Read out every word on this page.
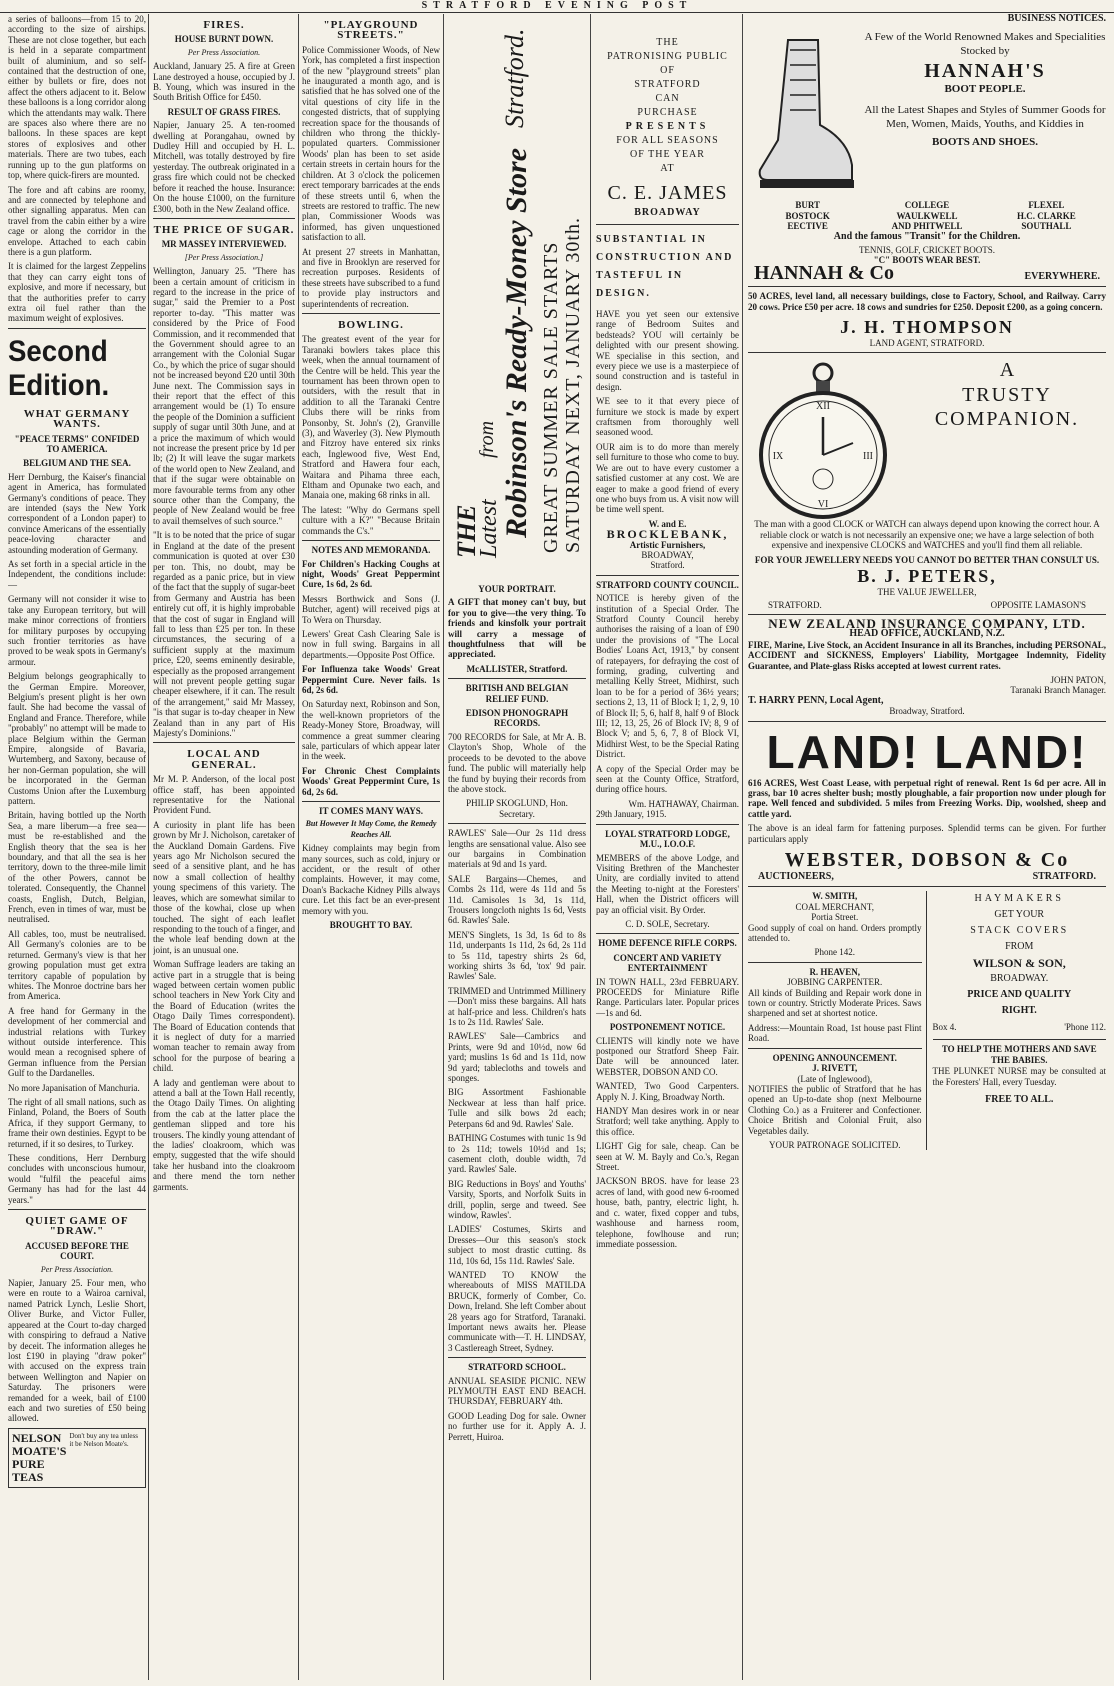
STRATFORD EVENING POST

a series of balloons—from 15 to 20, according to the size of airships. These are not close together, but each is held in a separate compartment built of aluminium, and so self-contained that the destruction of one, either by bullets or fire, does not affect the others adjacent to it. Below these balloons is a long corridor along which the attendants may walk. There are spaces also where there are no balloons. In these spaces are kept stores of explosives and other materials. There are two tubes, each running up to the gun platforms on top, where quick-firers are mounted.

The fore and aft cabins are roomy, and are connected by telephone and other signalling apparatus. Men can travel from the cabin either by a wire cage or along the corridor in the envelope. Attached to each cabin there is a gun platform.

It is claimed for the largest Zeppelins that they can carry eight tons of explosive, and more if necessary, but that the authorities prefer to carry extra oil fuel rather than the maximum weight of explosives.

Second Edition.
WHAT GERMANY WANTS.
"PEACE TERMS" CONFIDED TO AMERICA.
BELGIUM AND THE SEA.

Herr Dernburg, the Kaiser's financial agent in America, has formulated Germany's conditions of peace. They are intended (says the New York correspondent of a London paper) to convince Americans of the essentially peace-loving character and astounding moderation of Germany.

As set forth in a special article in the Independent, the conditions include:—

Germany will not consider it wise to take any European territory, but will make minor corrections of frontiers for military purposes by occupying such frontier territories as have proved to be weak spots in Germany's armour.

Belgium belongs geographically to the German Empire. Moreover, Belgium's present plight is her own fault. She had become the vassal of England and France. Therefore, while "probably" no attempt will be made to place Belgium within the German Empire, alongside of Bavaria, Wurtemberg, and Saxony, because of her non-German population, she will be incorporated in the German Customs Union after the Luxemburg pattern.

Britain, having bottled up the North Sea, a mare liberum—a free sea—must be re-established and the English theory that the sea is her boundary, and that all the sea is her territory, down to the three-mile limit of the other Powers, cannot be tolerated. Consequently, the Channel coasts, English, Dutch, Belgian, French, even in times of war, must be neutralised.

All cables, too, must be neutralised. All Germany's colonies are to be returned. Germany's view is that her growing population must get extra territory capable of population by whites. The Monroe doctrine bars her from America.

A free hand for Germany in the development of her commercial and industrial relations with Turkey without outside interference. This would mean a recognised sphere of German influence from the Persian Gulf to the Dardanelles.

No more Japanisation of Manchuria.

The right of all small nations, such as Finland, Poland, the Boers of South Africa, if they support Germany, to frame their own destinies. Egypt to be returned, if it so desires, to Turkey.

These conditions, Herr Dernburg concludes with unconscious humour, would "fulfil the peaceful aims Germany has had for the last 44 years."

QUIET GAME OF "DRAW."
ACCUSED BEFORE THE COURT.
Per Press Association.

Napier, January 25. Four men, who were en route to a Wairoa carnival, named Patrick Lynch, Leslie Short, Oliver Burke, and Victor Fuller, appeared at the Court to-day charged with conspiring to defraud a Native by deceit. The information alleges he lost £190 in playing "draw poker" with accused on the express train between Wellington and Napier on Saturday. The prisoners were remanded for a week, bail of £100 each and two sureties of £50 being allowed.

NELSON MOATE'S PURE TEAS
Don't buy any tea unless it be Nelson Moate's.
FIRES.
HOUSE BURNT DOWN.
Per Press Association.

Auckland, January 25. A fire at Green Lane destroyed a house, occupied by J. B. Young, which was insured in the South British Office for £450.

RESULT OF GRASS FIRES.

Napier, January 25. A ten-roomed dwelling at Porangahau, owned by Dudley Hill and occupied by H. L. Mitchell, was totally destroyed by fire yesterday. The outbreak originated in a grass fire which could not be checked before it reached the house. Insurance: On the house £1000, on the furniture £300, both in the New Zealand office.

THE PRICE OF SUGAR.
MR MASSEY INTERVIEWED.
[Per Press Association.]

Wellington, January 25. "There has been a certain amount of criticism in regard to the increase in the price of sugar," said the Premier to a Post reporter to-day. "This matter was considered by the Price of Food Commission, and it recommended that the Government should agree to an arrangement with the Colonial Sugar Co., by which the price of sugar should not be increased beyond £20 until 30th June next. The Commission says in their report that the effect of this arrangement would be (1) To ensure the people of the Dominion a sufficient supply of sugar until 30th June, and at a price the maximum of which would not increase the present price by 1d per lb; (2) It will leave the sugar markets of the world open to New Zealand, and that if the sugar were obtainable on more favourable terms from any other source other than the Company, the people of New Zealand would be free to avail themselves of such source."

"It is to be noted that the price of sugar in England at the date of the present communication is quoted at over £30 per ton. This, no doubt, may be regarded as a panic price, but in view of the fact that the supply of sugar-beet from Germany and Austria has been entirely cut off, it is highly improbable that the cost of sugar in England will fall to less than £25 per ton. In these circumstances, the securing of a sufficient supply at the maximum price, £20, seems eminently desirable, especially as the proposed arrangement will not prevent people getting sugar cheaper elsewhere, if it can. The result of the arrangement," said Mr Massey, "is that sugar is to-day cheaper in New Zealand than in any part of His Majesty's Dominions."

LOCAL AND GENERAL.

Mr M. P. Anderson, of the local post office staff, has been appointed representative for the National Provident Fund.

A curiosity in plant life has been grown by Mr J. Nicholson, caretaker of the Auckland Domain Gardens. Five years ago Mr Nicholson secured the seed of a sensitive plant, and he has now a small collection of healthy young specimens of this variety. The leaves, which are somewhat similar to those of the kowhai, close up when touched. The sight of each leaflet responding to the touch of a finger, and the whole leaf bending down at the joint, is an unusual one.

Woman Suffrage leaders are taking an active part in a struggle that is being waged between certain women public school teachers in New York City and the Board of Education (writes the Otago Daily Times correspondent). The Board of Education contends that it is neglect of duty for a married woman teacher to remain away from school for the purpose of bearing a child.

A lady and gentleman were about to attend a ball at the Town Hall recently, the Otago Daily Times. On alighting from the cab at the latter place the gentleman slipped and tore his trousers. The kindly young attendant of the ladies' cloakroom, which was empty, suggested that the wife should take her husband into the cloakroom and there mend the torn nether garments.

"PLAYGROUND STREETS."

Police Commissioner Woods, of New York, has completed a first inspection of the new "playground streets" plan he inaugurated a month ago, and is satisfied that he has solved one of the vital questions of city life in the congested districts, that of supplying recreation space for the thousands of children who throng the thickly-populated quarters. Commissioner Woods' plan has been to set aside certain streets in certain hours for the children. At 3 o'clock the policemen erect temporary barricades at the ends of these streets until 6, when the streets are restored to traffic. The new plan, Commissioner Woods was informed, has given unquestioned satisfaction to all.

At present 27 streets in Manhattan, and five in Brooklyn are reserved for recreation purposes. Residents of these streets have subscribed to a fund to provide play instructors and superintendents of recreation.

BOWLING.

The greatest event of the year for Taranaki bowlers takes place this week, when the annual tournament of the Centre will be held. This year the tournament has been thrown open to outsiders, with the result that in addition to all the Taranaki Centre Clubs there will be rinks from Ponsonby, St. John's (2), Granville (3), and Waverley (3). New Plymouth and Fitzroy have entered six rinks each, Inglewood five, West End, Stratford and Hawera four each, Waitara and Pihama three each, Eltham and Opunake two each, and Manaia one, making 68 rinks in all.

The latest: "Why do Germans spell culture with a K?" "Because Britain commands the C's."

NOTES AND MEMORANDA.

For Children's Hacking Coughs at night, Woods' Great Peppermint Cure, 1s 6d, 2s 6d.

Messrs Borthwick and Sons (J. Butcher, agent) will received pigs at To Wera on Thursday.

Lewers' Great Cash Clearing Sale is now in full swing. Bargains in all departments.—Opposite Post Office.

For Influenza take Woods' Great Peppermint Cure. Never fails. 1s 6d, 2s 6d.

On Saturday next, Robinson and Son, the well-known proprietors of the Ready-Money Store, Broadway, will commence a great summer clearing sale, particulars of which appear later in the week.

For Chronic Chest Complaints Woods' Great Peppermint Cure, 1s 6d, 2s 6d.

IT COMES MANY WAYS.
But However It May Come, the Remedy Reaches All.

Kidney complaints may begin from many sources, such as cold, injury or accident, or the result of other complaints. However, it may come, Doan's Backache Kidney Pills always cure. Let this fact be an ever-present memory with you.

BROUGHT TO BAY.
THE
Latest
from Robinson's Ready-Money Store
Stratford.
GREAT SUMMER SALE STARTS SATURDAY NEXT, JANUARY 30th.
YOUR PORTRAIT.

A GIFT that money can't buy, but for you to give—the very thing. To friends and kinsfolk your portrait will carry a message of thoughtfulness that will be appreciated.

McALLISTER, Stratford.
BRITISH AND BELGIAN RELIEF FUND.
EDISON PHONOGRAPH RECORDS.

700 RECORDS for Sale, at Mr A. B. Clayton's Shop, Whole of the proceeds to be devoted to the above fund. The public will materially help the fund by buying their records from the above stock.

PHILIP SKOGLUND, Hon. Secretary.

RAWLES' Sale—Our 2s 11d dress lengths are sensational value. Also see our bargains in Combination materials at 9d and 1s yard.

SALE Bargains—Chemes, and Combs 2s 11d, were 4s 11d and 5s 11d. Camisoles 1s 3d, 1s 11d, Trousers longcloth nights 1s 6d, Vests 6d. Rawles' Sale.

MEN'S Singlets, 1s 3d, 1s 6d to 8s 11d, underpants 1s 11d, 2s 6d, 2s 11d to 5s 11d, tapestry shirts 2s 6d, working shirts 3s 6d, 'tox' 9d pair. Rawles' Sale.

TRIMMED and Untrimmed Millinery—Don't miss these bargains. All hats at half-price and less. Children's hats 1s to 2s 11d. Rawles' Sale.

RAWLES' Sale—Cambrics and Prints, were 9d and 10½d, now 6d yard; muslins 1s 6d and 1s 11d, now 9d yard; tablecloths and towels and sponges.

BIG Assortment Fashionable Neckwear at less than half price. Tulle and silk bows 2d each; Peterpans 6d and 9d. Rawles' Sale.

BATHING Costumes with tunic 1s 9d to 2s 11d; towels 10½d and 1s; casement cloth, double width, 7d yard. Rawles' Sale.

BIG Reductions in Boys' and Youths' Varsity, Sports, and Norfolk Suits in drill, poplin, serge and tweed. See window, Rawles'.

LADIES' Costumes, Skirts and Dresses—Our this season's stock subject to most drastic cutting. 8s 11d, 10s 6d, 15s 11d. Rawles' Sale.

WANTED TO KNOW the whereabouts of MISS MATILDA BRUCK, formerly of Comber, Co. Down, Ireland. She left Comber about 28 years ago for Stratford, Taranaki. Important news awaits her. Please communicate with—T. H. LINDSAY, 3 Castlereagh Street, Sydney.

STRATFORD SCHOOL.

ANNUAL SEASIDE PICNIC. NEW PLYMOUTH EAST END BEACH. THURSDAY, FEBRUARY 4th.

GOOD Leading Dog for sale. Owner no further use for it. Apply A. J. Perrett, Huiroa.

THE
PATRONISING PUBLIC
OF
STRATFORD
CAN
PURCHASE
PRESENTS
FOR ALL SEASONS
OF THE YEAR
AT
C. E. JAMES
BROADWAY
SUBSTANTIAL IN CONSTRUCTION AND TASTEFUL IN DESIGN.

HAVE you yet seen our extensive range of Bedroom Suites and bedsteads? YOU will certainly be delighted with our present showing. WE specialise in this section, and every piece we use is a masterpiece of sound construction and is tasteful in design.

WE see to it that every piece of furniture we stock is made by expert craftsmen from thoroughly well seasoned wood.

OUR aim is to do more than merely sell furniture to those who come to buy. We are out to have every customer a satisfied customer at any cost. We are eager to make a good friend of every one who buys from us. A visit now will be time well spent.

W. and E.
BROCKLEBANK,
Artistic Furnishers,
BROADWAY,
Stratford.
STRATFORD COUNTY COUNCIL.

NOTICE is hereby given of the institution of a Special Order. The Stratford County Council hereby authorises the raising of a loan of £90 under the provisions of "The Local Bodies' Loans Act, 1913," by consent of ratepayers, for defraying the cost of forming, grading, culverting and metalling Kelly Street, Midhirst, such loan to be for a period of 36½ years; sections 2, 13, 11 of Block I; 1, 2, 9, 10 of Block II; 5, 6, half 8, half 9 of Block III; 12, 13, 25, 26 of Block IV; 8, 9 of Block V; and 5, 6, 7, 8 of Block VI, Midhirst West, to be the Special Rating District.

A copy of the Special Order may be seen at the County Office, Stratford, during office hours.

Wm. HATHAWAY, Chairman.
29th January, 1915.
LOYAL STRATFORD LODGE, M.U., I.O.O.F.

MEMBERS of the above Lodge, and Visiting Brethren of the Manchester Unity, are cordially invited to attend the Meeting to-night at the Foresters' Hall, when the District officers will pay an official visit. By Order.

C. D. SOLE, Secretary.
HOME DEFENCE RIFLE CORPS.
CONCERT AND VARIETY ENTERTAINMENT

IN TOWN HALL, 23rd FEBRUARY. PROCEEDS for Miniature Rifle Range. Particulars later. Popular prices—1s and 6d.

POSTPONEMENT NOTICE.

CLIENTS will kindly note we have postponed our Stratford Sheep Fair. Date will be announced later. WEBSTER, DOBSON AND CO.

WANTED, Two Good Carpenters. Apply N. J. King, Broadway North.

HANDY Man desires work in or near Stratford; well take anything. Apply to this office.

LIGHT Gig for sale, cheap. Can be seen at W. M. Bayly and Co.'s, Regan Street.

JACKSON BROS. have for lease 23 acres of land, with good new 6-roomed house, bath, pantry, electric light, h. and c. water, fixed copper and tubs, washhouse and harness room, telephone, fowlhouse and run; immediate possession.

BUSINESS NOTICES.
A Few of the World Renowned Makes and Specialities Stocked by
HANNAH'S
BOOT PEOPLE.
All the Latest Shapes and Styles of Summer Goods for Men, Women, Maids, Youths, and Kiddies in
BOOTS AND SHOES.
BURT	COLLEGE	FLEXEL
BOSTOCK	WAULKWELL	H.C. CLARKE
EECTIVE	AND PHITWELL	SOUTHALL
And the famous "Transit" for the Children.
TENNIS, GOLF, CRICKET BOOTS.
"C" BOOTS WEAR BEST.
HANNAH & Co	EVERYWHERE.

50 ACRES, level land, all necessary buildings, close to Factory, School, and Railway. Carry 20 cows. Price £50 per acre. 18 cows and sundries for £250. Deposit £200, as a going concern.

J. H. THOMPSON
LAND AGENT, STRATFORD.
XII
III
VI
IX
A
TRUSTY
COMPANION.

The man with a good CLOCK or WATCH can always depend upon knowing the correct hour. A reliable clock or watch is not necessarily an expensive one; we have a large selection of both expensive and inexpensive CLOCKS and WATCHES and you'll find them all reliable.

FOR YOUR JEWELLERY NEEDS YOU CANNOT DO BETTER THAN CONSULT US.
B. J. PETERS,
THE VALUE JEWELLER,
STRATFORD.	OPPOSITE LAMASON'S
NEW ZEALAND INSURANCE COMPANY, LTD.
HEAD OFFICE, AUCKLAND, N.Z.

FIRE, Marine, Live Stock, an Accident Insurance in all its Branches, including PERSONAL, ACCIDENT and SICKNESS, Employers' Liability, Mortgagee Indemnity, Fidelity Guarantee, and Plate-glass Risks accepted at lowest current rates.

JOHN PATON,
Taranaki Branch Manager.
T. HARRY PENN, Local Agent,
Broadway, Stratford.
LAND! LAND!

616 ACRES, West Coast Lease, with perpetual right of renewal. Rent 1s 6d per acre. All in grass, bar 10 acres shelter bush; mostly ploughable, a fair proportion now under plough for rape. Well fenced and subdivided. 5 miles from Freezing Works. Dip, woolshed, sheep and cattle yard.

The above is an ideal farm for fattening purposes. Splendid terms can be given. For further particulars apply

WEBSTER, DOBSON & Co
AUCTIONEERS,	STRATFORD.
W. SMITH,
COAL MERCHANT,
Portia Street.

Good supply of coal on hand. Orders promptly attended to.

Phone 142.
R. HEAVEN,
JOBBING CARPENTER.

All kinds of Building and Repair work done in town or country. Strictly Moderate Prices. Saws sharpened and set at shortest notice.

Address:—Mountain Road, 1st house past Flint Road.

OPENING ANNOUNCEMENT.
J. RIVETT,
(Late of Inglewood),

NOTIFIES the public of Stratford that he has opened an Up-to-date shop (next Melbourne Clothing Co.) as a Fruiterer and Confectioner. Choice British and Colonial Fruit, also Vegetables daily.

YOUR PATRONAGE SOLICITED.
HAYMAKERS
GET YOUR
STACK COVERS
FROM
WILSON & SON,
BROADWAY.
PRICE AND QUALITY
RIGHT.
Box 4.	'Phone 112.
TO HELP THE MOTHERS AND SAVE THE BABIES.

THE PLUNKET NURSE may be consulted at the Foresters' Hall, every Tuesday.

FREE TO ALL.
